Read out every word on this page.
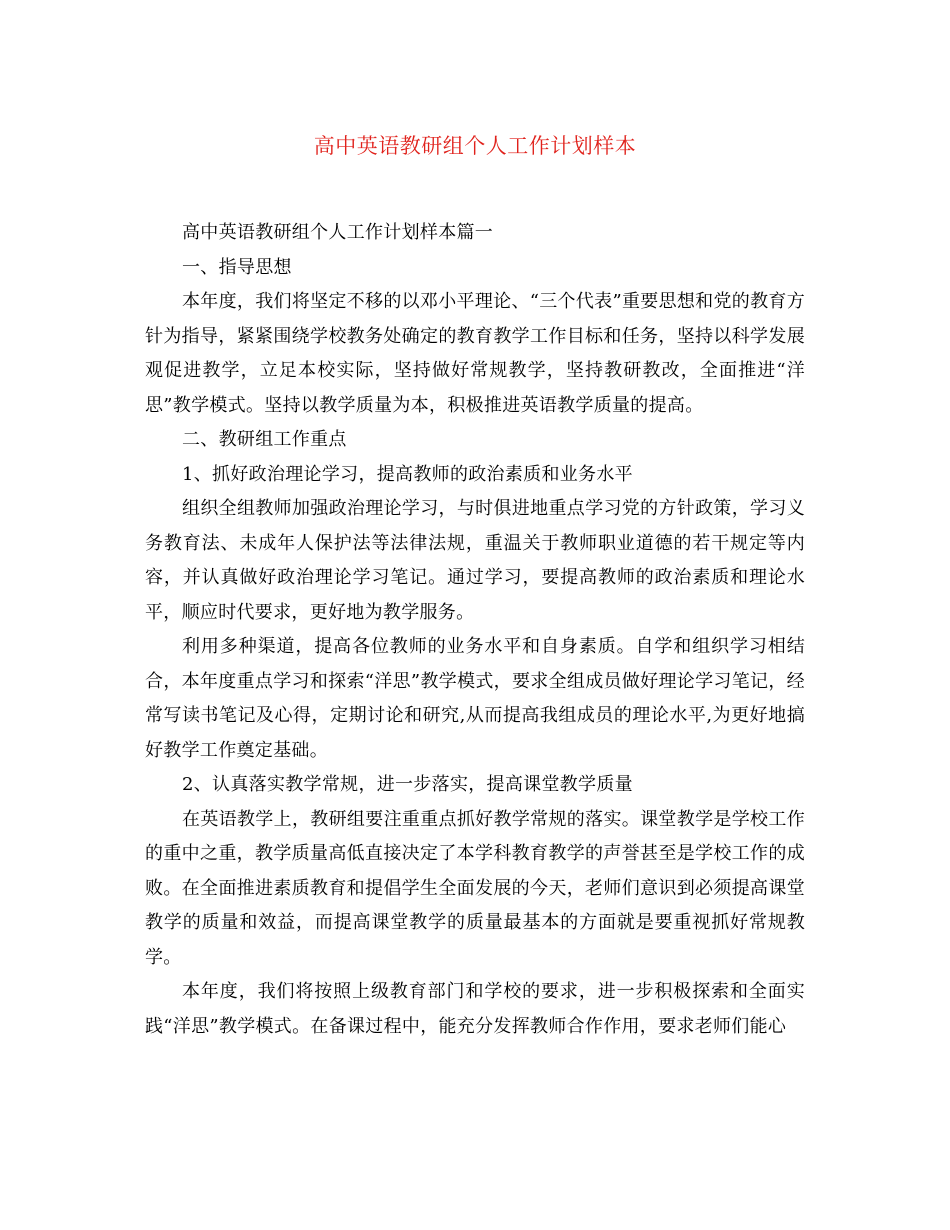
高中英语教研组个人工作计划样本

高中英语教研组个人工作计划样本篇一

一、指导思想

本年度，我们将坚定不移的以邓小平理论、“三个代表”重要思想和党的教育方针为指导，紧紧围绕学校教务处确定的教育教学工作目标和任务，坚持以科学发展观促进教学，立足本校实际，坚持做好常规教学，坚持教研教改，全面推进“洋思”教学模式。坚持以教学质量为本，积极推进英语教学质量的提高。

二、教研组工作重点

1、抓好政治理论学习，提高教师的政治素质和业务水平

组织全组教师加强政治理论学习，与时俱进地重点学习党的方针政策，学习义务教育法、未成年人保护法等法律法规，重温关于教师职业道德的若干规定等内容，并认真做好政治理论学习笔记。通过学习，要提高教师的政治素质和理论水平，顺应时代要求，更好地为教学服务。

利用多种渠道，提高各位教师的业务水平和自身素质。自学和组织学习相结合，本年度重点学习和探索“洋思”教学模式，要求全组成员做好理论学习笔记，经常写读书笔记及心得，定期讨论和研究,从而提高我组成员的理论水平,为更好地搞好教学工作奠定基础。

2、认真落实教学常规，进一步落实，提高课堂教学质量

在英语教学上，教研组要注重重点抓好教学常规的落实。课堂教学是学校工作的重中之重，教学质量高低直接决定了本学科教育教学的声誉甚至是学校工作的成败。在全面推进素质教育和提倡学生全面发展的今天，老师们意识到必须提高课堂教学的质量和效益，而提高课堂教学的质量最基本的方面就是要重视抓好常规教学。

本年度，我们将按照上级教育部门和学校的要求，进一步积极探索和全面实践“洋思”教学模式。在备课过程中，能充分发挥教师合作作用，要求老师们能心
